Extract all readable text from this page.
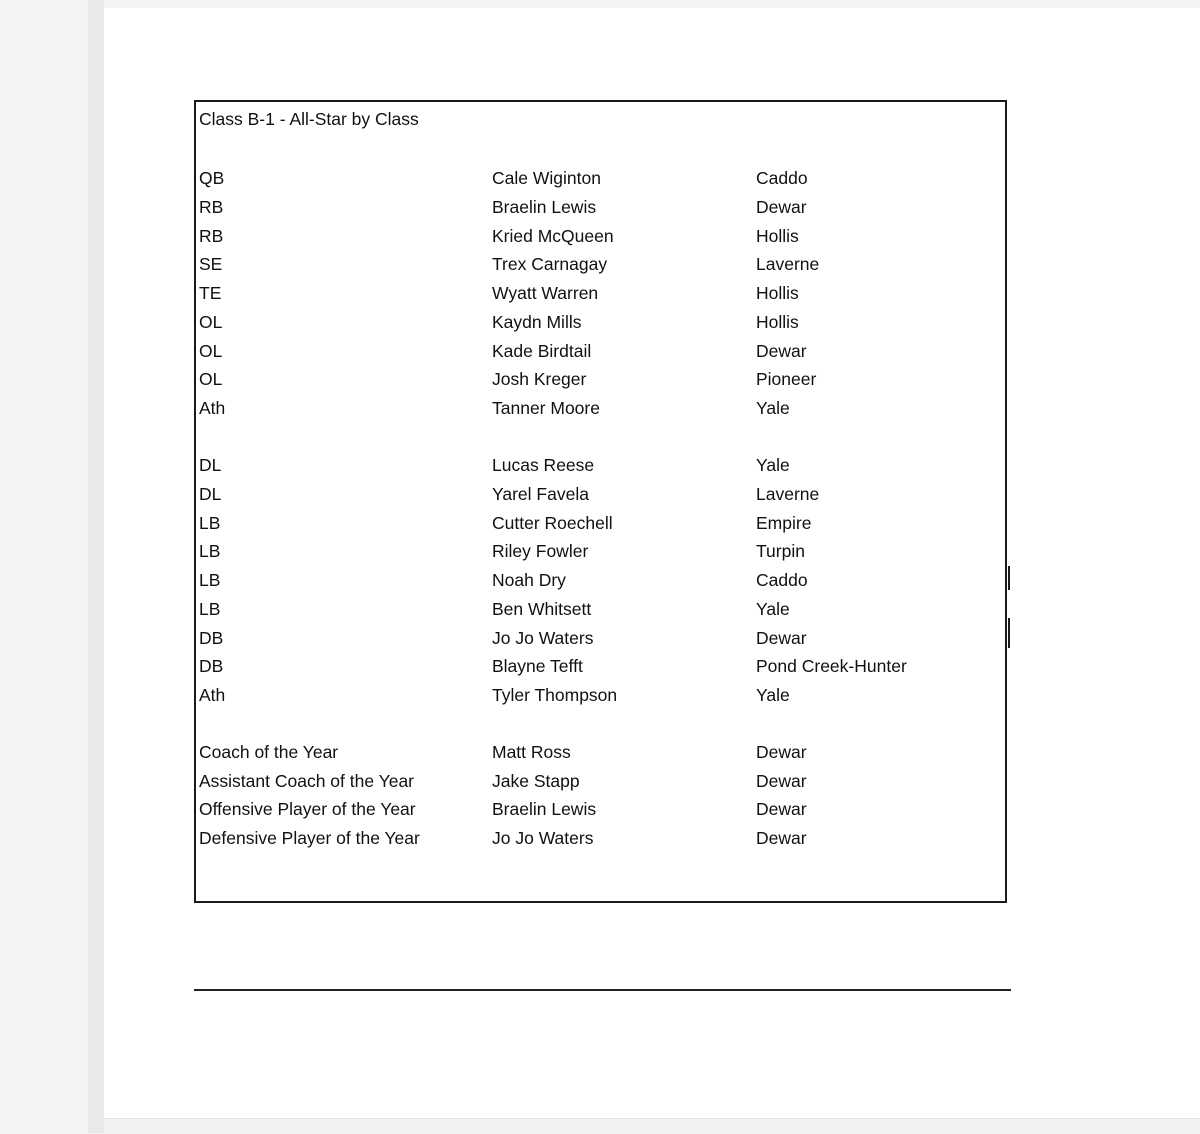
Class B-1 - All-Star by Class
QB	Cale Wiginton	Caddo
RB	Braelin Lewis	Dewar
RB	Kried McQueen	Hollis
SE	Trex Carnagay	Laverne
TE	Wyatt Warren	Hollis
OL	Kaydn Mills	Hollis
OL	Kade Birdtail	Dewar
OL	Josh Kreger	Pioneer
Ath	Tanner Moore	Yale
DL	Lucas Reese	Yale
DL	Yarel Favela	Laverne
LB	Cutter Roechell	Empire
LB	Riley Fowler	Turpin
LB	Noah Dry	Caddo
LB	Ben Whitsett	Yale
DB	Jo Jo Waters	Dewar
DB	Blayne Tefft	Pond Creek-Hunter
Ath	Tyler Thompson	Yale
Coach of the Year	Matt Ross	Dewar
Assistant Coach of the Year	Jake Stapp	Dewar
Offensive Player of the Year	Braelin Lewis	Dewar
Defensive Player of the Year	Jo Jo Waters	Dewar
